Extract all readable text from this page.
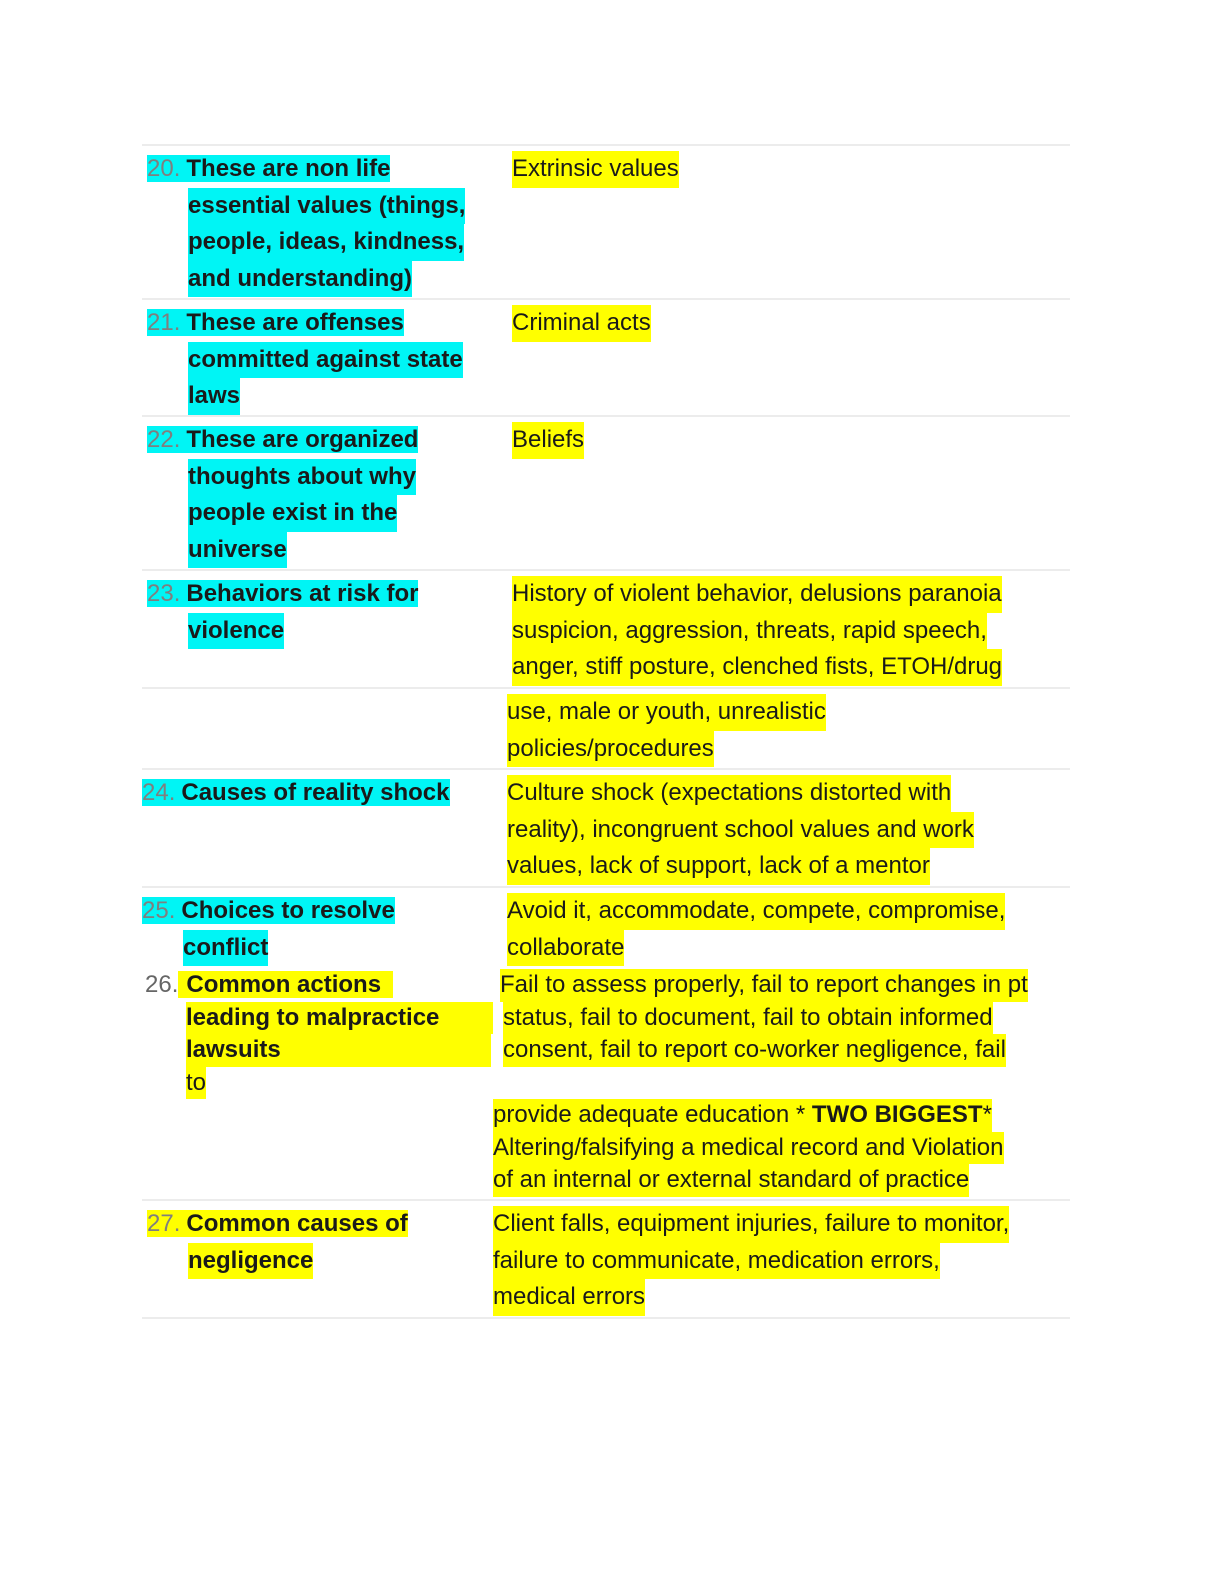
20. These are non life
essential values (things,
people, ideas, kindness,
and understanding)
Extrinsic values
21. These are offenses
committed against state
laws
Criminal acts
22. These are organized
thoughts about why
people exist in the
universe
Beliefs
23. Behaviors at risk for
violence
History of violent behavior, delusions paranoia
suspicion, aggression, threats, rapid speech,
anger, stiff posture, clenched fists, ETOH/drug
use, male or youth, unrealistic
policies/procedures
24. Causes of reality shock Culture shock (expectations distorted with
reality), incongruent school values and work
values, lack of support, lack of a mentor
25. Choices to resolve
conflict
Avoid it, accommodate, compete, compromise,
collaborate
26. Common actions
leading to malpractice
lawsuits
to
Fail to assess properly, fail to report changes in pt
status, fail to document, fail to obtain informed
consent, fail to report co-worker negligence, fail
provide adequate education * TWO BIGGEST*
Altering/falsifying a medical record and Violation
of an internal or external standard of practice
27. Common causes of
negligence
Client falls, equipment injuries, failure to monitor,
failure to communicate, medication errors,
medical errors
